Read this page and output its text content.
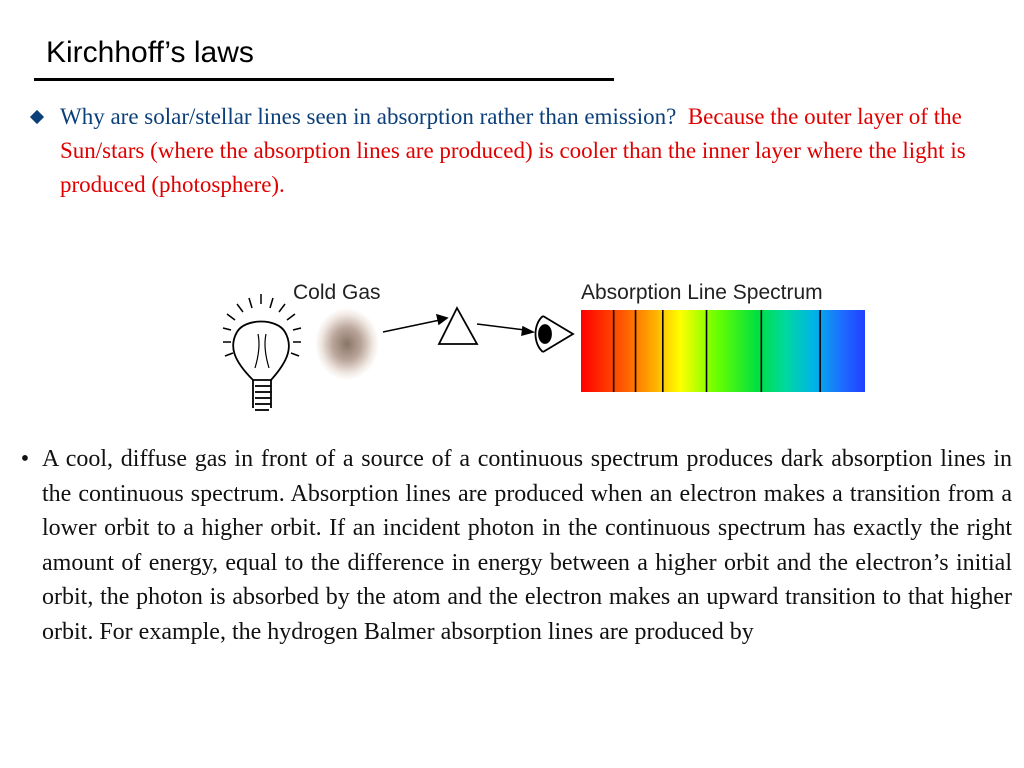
Kirchhoff’s laws
Why are solar/stellar lines seen in absorption rather than emission? Because the outer layer of the Sun/stars (where the absorption lines are produced) is cooler than the inner layer where the light is produced (photosphere).
Cold Gas	Absorption Line Spectrum
• A cool, diffuse gas in front of a source of a continuous spectrum produces dark absorption lines in the continuous spectrum. Absorption lines are produced when an electron makes a transition from a lower orbit to a higher orbit. If an incident photon in the continuous spectrum has exactly the right amount of energy, equal to the difference in energy between a higher orbit and the electron’s initial orbit, the photon is absorbed by the atom and the electron makes an upward transition to that higher orbit. For example, the hydrogen Balmer absorption lines are produced by
